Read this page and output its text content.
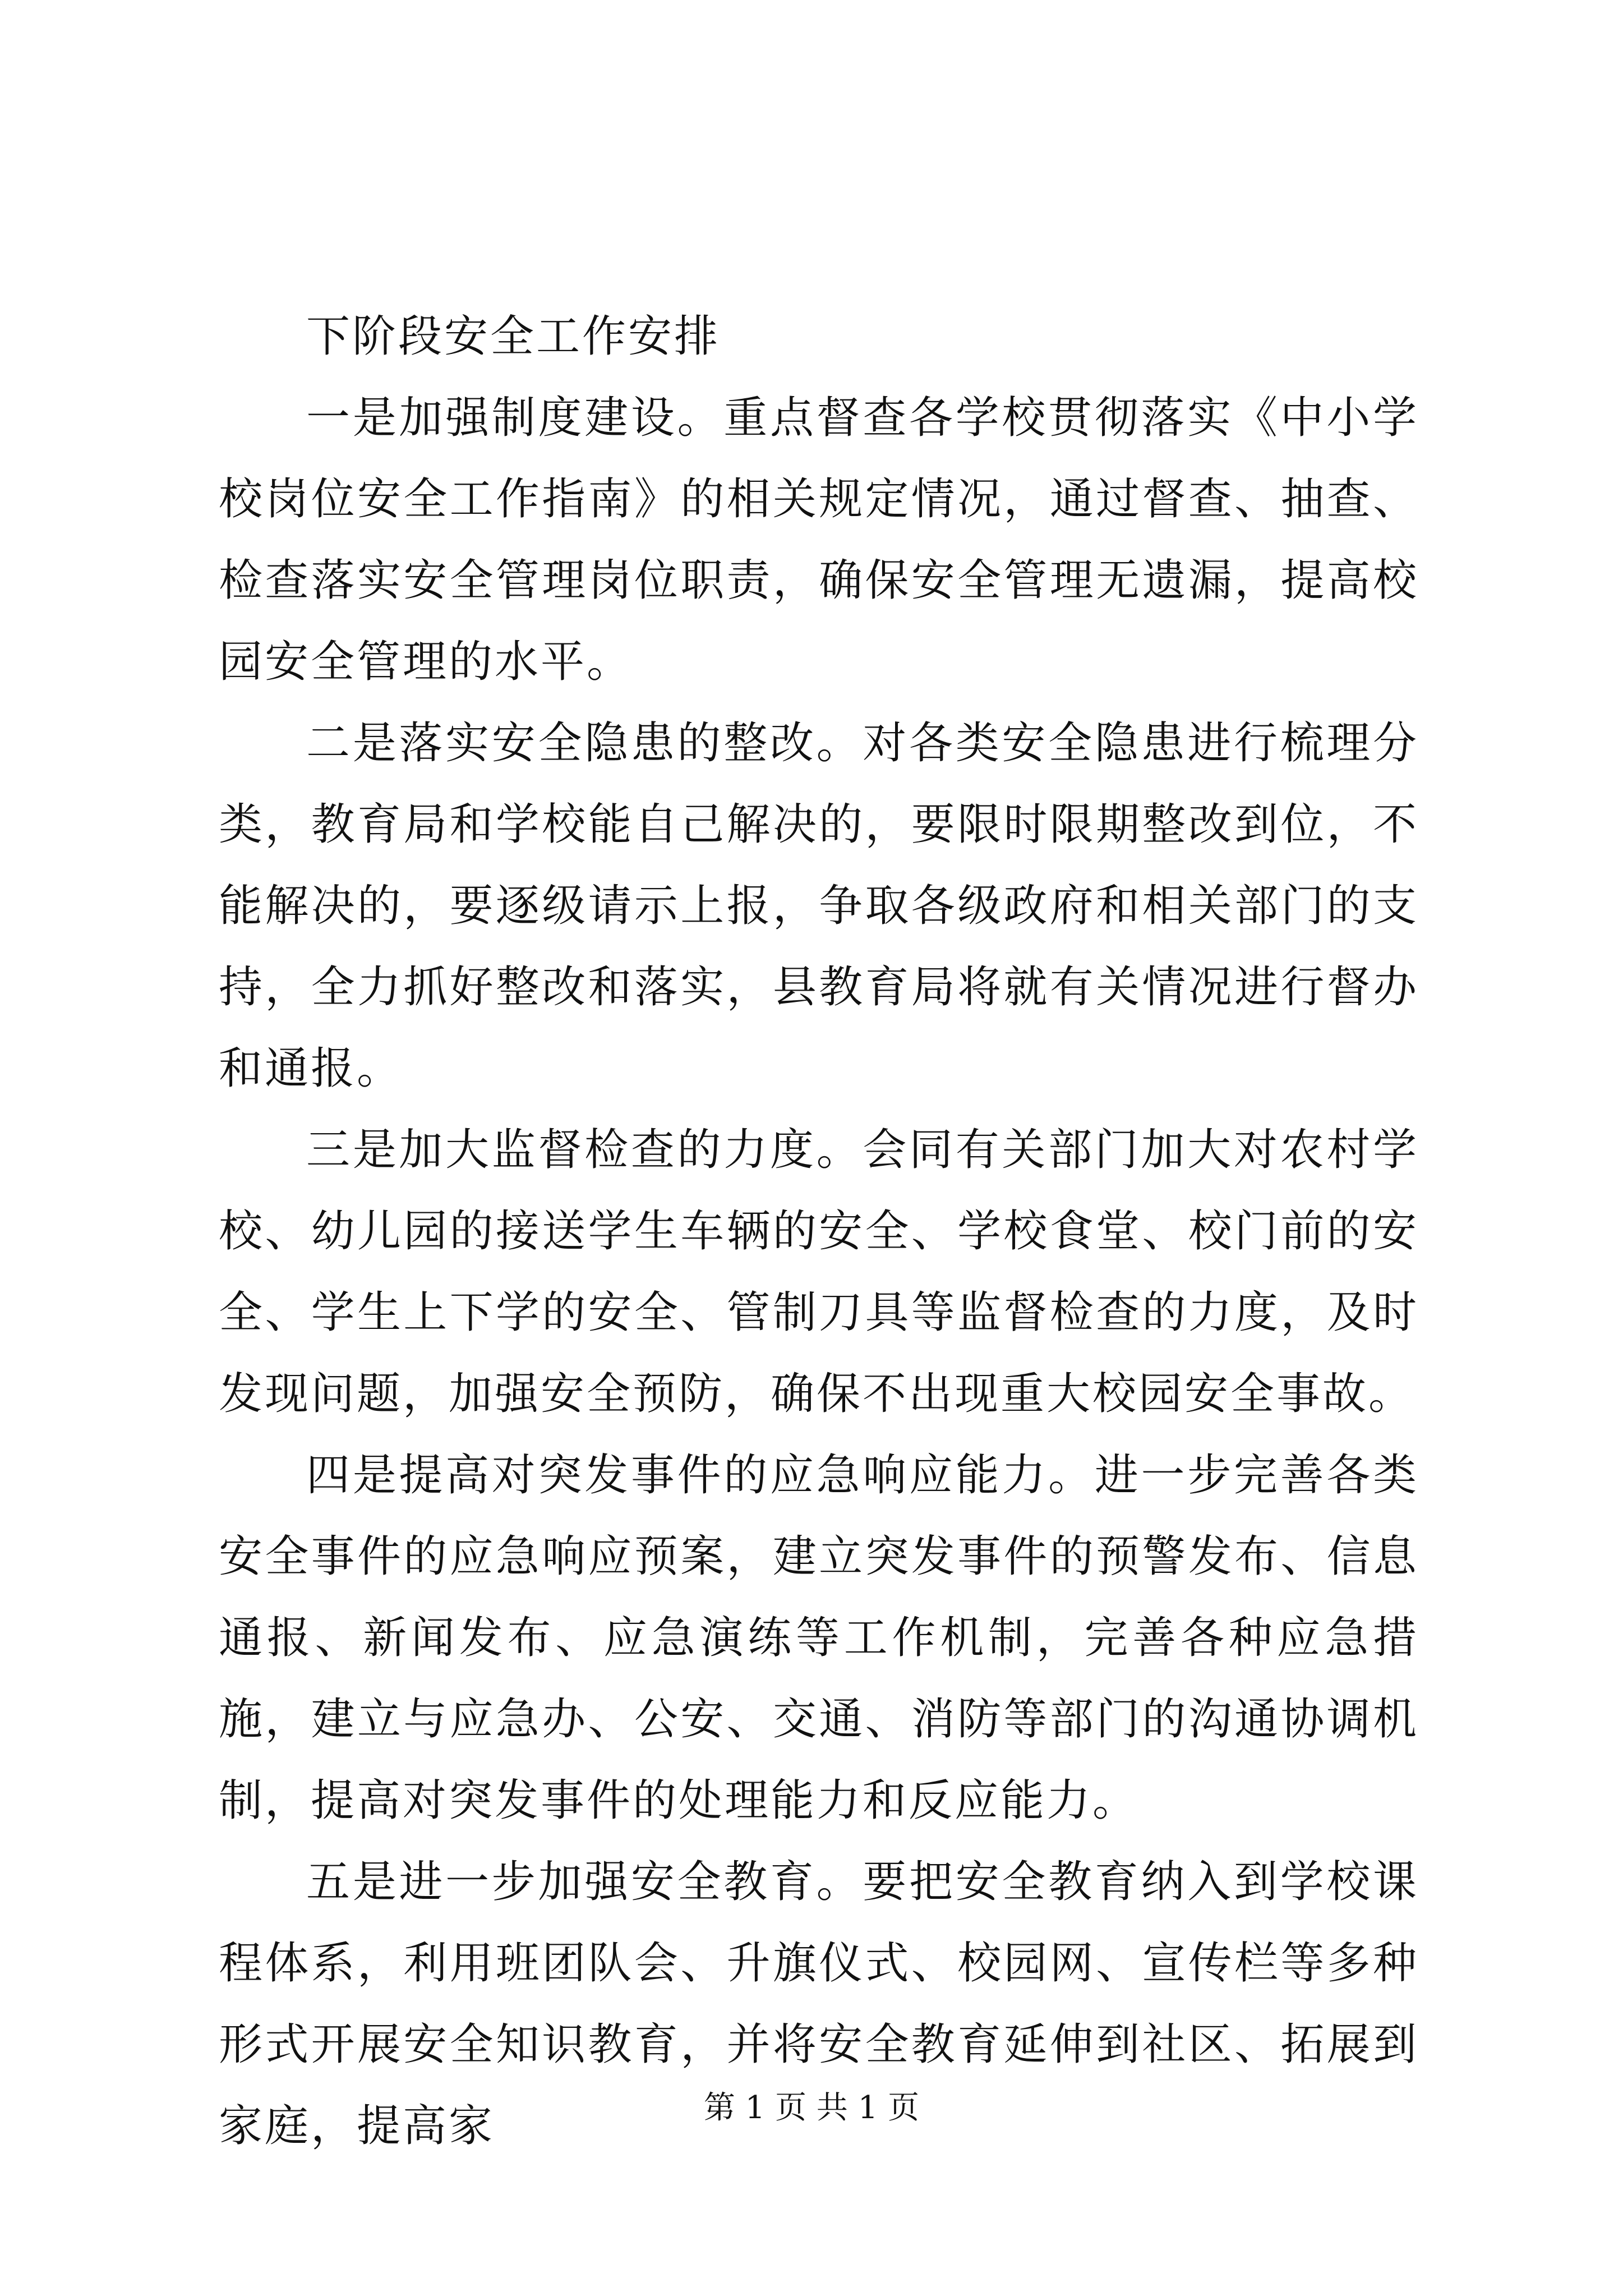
下阶段安全工作安排

一是加强制度建设。重点督查各学校贯彻落实《中小学校岗位安全工作指南》的相关规定情况，通过督查、抽查、检查落实安全管理岗位职责，确保安全管理无遗漏，提高校园安全管理的水平。

二是落实安全隐患的整改。对各类安全隐患进行梳理分类，教育局和学校能自己解决的，要限时限期整改到位，不能解决的，要逐级请示上报，争取各级政府和相关部门的支持，全力抓好整改和落实，县教育局将就有关情况进行督办和通报。

三是加大监督检查的力度。会同有关部门加大对农村学校、幼儿园的接送学生车辆的安全、学校食堂、校门前的安全、学生上下学的安全、管制刀具等监督检查的力度，及时发现问题，加强安全预防，确保不出现重大校园安全事故。

四是提高对突发事件的应急响应能力。进一步完善各类安全事件的应急响应预案，建立突发事件的预警发布、信息通报、新闻发布、应急演练等工作机制，完善各种应急措施，建立与应急办、公安、交通、消防等部门的沟通协调机制，提高对突发事件的处理能力和反应能力。

五是进一步加强安全教育。要把安全教育纳入到学校课程体系，利用班团队会、升旗仪式、校园网、宣传栏等多种形式开展安全知识教育，并将安全教育延伸到社区、拓展到家庭，提高家	第 1 页 共 1 页
